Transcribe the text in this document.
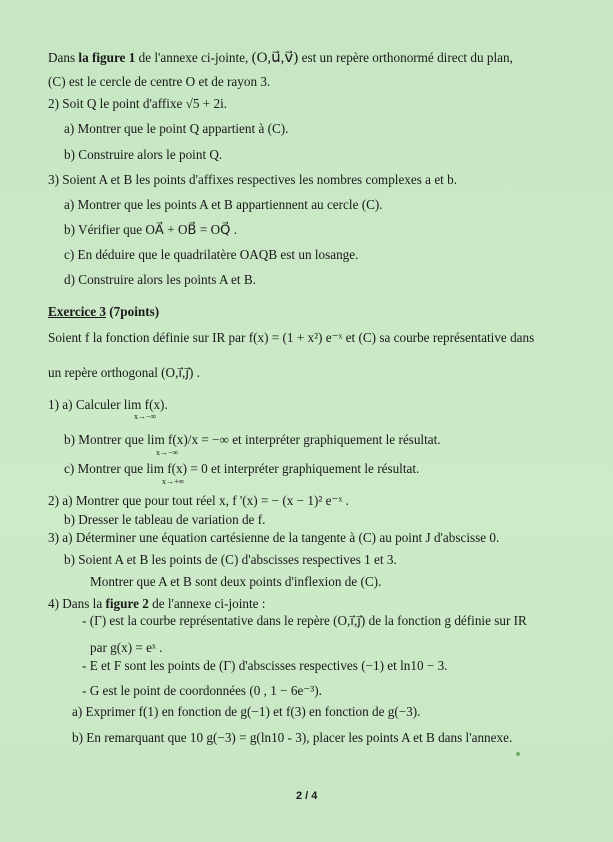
Dans la figure 1 de l'annexe ci-jointe, (O,u⃗,v⃗) est un repère orthonormé direct du plan,
(C) est le cercle de centre O et de rayon 3.
2) Soit Q le point d'affixe √5 + 2i.
a) Montrer que le point Q appartient à (C).
b) Construire alors le point Q.
3) Soient A et B les points d'affixes respectives les nombres complexes a et b.
a) Montrer que les points A et B appartiennent au cercle (C).
b) Vérifier que OA⃗ + OB⃗ = OQ⃗ .
c) En déduire que le quadrilatère OAQB est un losange.
d) Construire alors les points A et B.
Exercice 3 (7points)
Soient f la fonction définie sur IR par f(x) = (1 + x²) e⁻ˣ et (C) sa courbe représentative dans
un repère orthogonal (O,i⃗,j⃗) .
1) a) Calculer lim f(x).
x→−∞
b) Montrer que lim f(x)/x = −∞ et interpréter graphiquement le résultat.
x→−∞
c) Montrer que lim f(x) = 0 et interpréter graphiquement le résultat.
x→+∞
2) a) Montrer que pour tout réel x, f '(x) = − (x − 1)² e⁻ˣ .
b) Dresser le tableau de variation de f.
3) a) Déterminer une équation cartésienne de la tangente à (C) au point J d'abscisse 0.
b) Soient A et B les points de (C) d'abscisses respectives 1 et 3.
Montrer que A et B sont deux points d'inflexion de (C).
4) Dans la figure 2 de l'annexe ci-jointe :
- (Γ) est la courbe représentative dans le repère (O,i⃗,j⃗) de la fonction g définie sur IR
par g(x) = eˣ .
- E et F sont les points de (Γ) d'abscisses respectives (−1) et ln10 − 3.
- G est le point de coordonnées (0 , 1 − 6e⁻³).
a) Exprimer f(1) en fonction de g(−1) et f(3) en fonction de g(−3).
b) En remarquant que 10 g(−3) = g(ln10 - 3), placer les points A et B dans l'annexe.
2 / 4
